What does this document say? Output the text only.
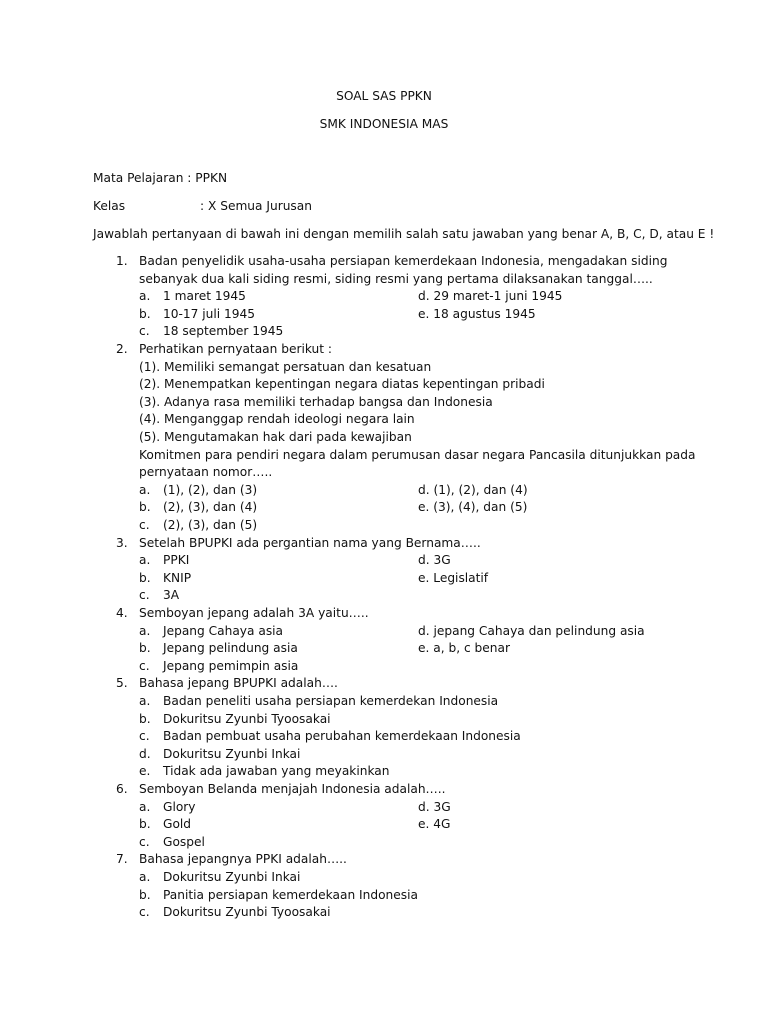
SOAL SAS PPKN
SMK INDONESIA MAS
Mata Pelajaran : PPKN
Kelas	: X Semua Jurusan
Jawablah pertanyaan di bawah ini dengan memilih salah satu jawaban yang benar A, B, C, D, atau E !
1. Badan penyelidik usaha-usaha persiapan kemerdekaan Indonesia, mengadakan siding
sebanyak dua kali siding resmi, siding resmi yang pertama dilaksanakan tanggal…..
a. 1 maret 1945	d. 29 maret-1 juni 1945
b. 10-17 juli 1945	e. 18 agustus 1945
c. 18 september 1945
2. Perhatikan pernyataan berikut :
(1). Memiliki semangat persatuan dan kesatuan
(2). Menempatkan kepentingan negara diatas kepentingan pribadi
(3). Adanya rasa memiliki terhadap bangsa dan Indonesia
(4). Menganggap rendah ideologi negara lain
(5). Mengutamakan hak dari pada kewajiban
Komitmen para pendiri negara dalam perumusan dasar negara Pancasila ditunjukkan pada
pernyataan nomor…..
a. (1), (2), dan (3)	d. (1), (2), dan (4)
b. (2), (3), dan (4)	e. (3), (4), dan (5)
c. (2), (3), dan (5)
3. Setelah BPUPKI ada pergantian nama yang Bernama…..
a. PPKI	d. 3G
b. KNIP	e. Legislatif
c. 3A
4. Semboyan jepang adalah 3A yaitu…..
a. Jepang Cahaya asia	d. jepang Cahaya dan pelindung asia
b. Jepang pelindung asia	e. a, b, c benar
c. Jepang pemimpin asia
5. Bahasa jepang BPUPKI adalah….
a. Badan peneliti usaha persiapan kemerdekan Indonesia
b. Dokuritsu Zyunbi Tyoosakai
c. Badan pembuat usaha perubahan kemerdekaan Indonesia
d. Dokuritsu Zyunbi Inkai
e. Tidak ada jawaban yang meyakinkan
6. Semboyan Belanda menjajah Indonesia adalah…..
a. Glory	d. 3G
b. Gold	e. 4G
c. Gospel
7. Bahasa jepangnya PPKI adalah…..
a. Dokuritsu Zyunbi Inkai
b. Panitia persiapan kemerdekaan Indonesia
c. Dokuritsu Zyunbi Tyoosakai
